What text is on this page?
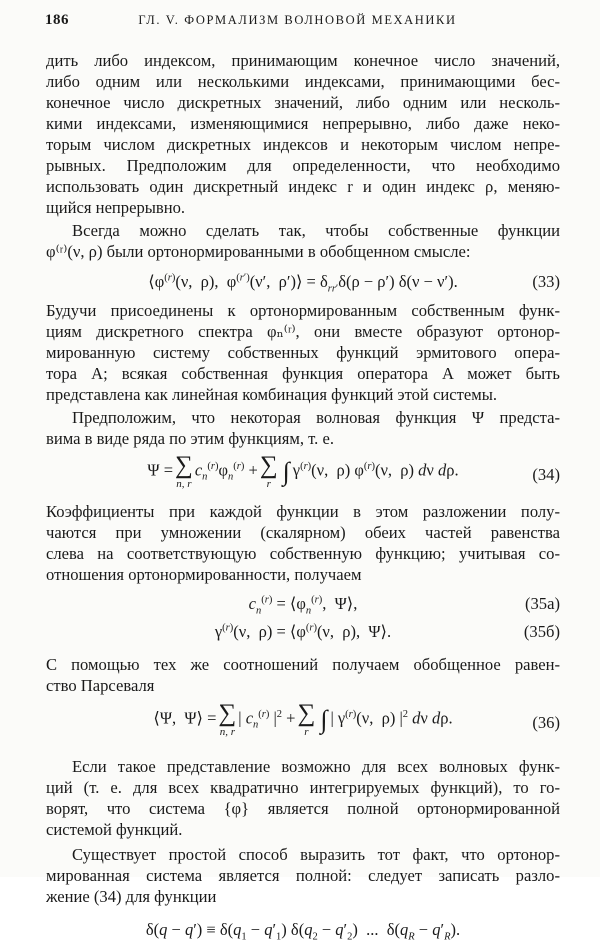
186	ГЛ. V. ФОРМАЛИЗМ ВОЛНОВОЙ МЕХАНИКИ

дить либо индексом, принимающим конечное число значений,

либо одним или несколькими индексами, принимающими бес-

конечное число дискретных значений, либо одним или несколь-

кими индексами, изменяющимися непрерывно, либо даже неко-

торым числом дискретных индексов и некоторым числом непре-

рывных. Предположим для определенности, что необходимо

использовать один дискретный индекс r и один индекс ρ, меняю-

щийся непрерывно.

Всегда можно сделать так, чтобы собственные функции

φ⁽ʳ⁾(ν, ρ) были ортонормированными в обобщенном смысле:

$⟨\varphi^{(r)}(\nu$,  ρ),  $\varphi^{(r')}(\nu'$,  ρ′)⟩ = $\delta_{rr'}\delta(\rho - \rho') \delta(\nu - \nu')$.	(33)

Будучи присоединены к ортонормированным собственным функ-

циям дискретного спектра φₙ⁽ʳ⁾, они вместе образуют ортонор-

мированную систему собственных функций эрмитового опера-

тора A; всякая собственная функция оператора A может быть

представлена как линейная комбинация функций этой системы.

Предположим, что некоторая волновая функция Ψ предста-

вима в виде ряда по этим функциям, т. е.

Ψ = ∑
n, r
$c_n^{(r)}\varphi_n^{(r)}$ + ∑
r ∫ $\gamma^{(r)}(\nu$,  ρ) $\varphi^{(r)}(\nu$,  ρ) dν dρ.	(34)

Коэффициенты при каждой функции в этом разложении полу-

чаются при умножении (скалярном) обеих частей равенства

слева на соответствующую собственную функцию; учитывая со-

отношения ортонормированности, получаем

$c_n^{(r)}$ = $⟨\varphi_n^{(r)}$,  Ψ⟩,	(35а)
$\gamma^{(r)}(\nu$,  $\rho) = ⟨\varphi^{(r)}(\nu$,  ρ),  Ψ⟩.	(35б)

С помощью тех же соотношений получаем обобщенное равен-

ство Парсеваля

⟨Ψ,  Ψ⟩ = ∑
n, r
| $c_n^{(r)}$ $|^2$ + ∑
r ∫ | $\gamma^{(r)}(\nu$,  ρ) $|^2$ dν dρ.	(36)

Если такое представление возможно для всех волновых функ-

ций (т. е. для всех квадратично интегрируемых функций), то го-

ворят, что система {φ} является полной ортонормированной

системой функций.

Существует простой способ выразить тот факт, что ортонор-

мированная система является полной: следует записать разло-

жение (34) для функции

$\delta(q - q') \equiv \delta(q_1 - q'_1) \delta(q_2 - q'_2)$  ...  $\delta(q_R - q'_R)$.
